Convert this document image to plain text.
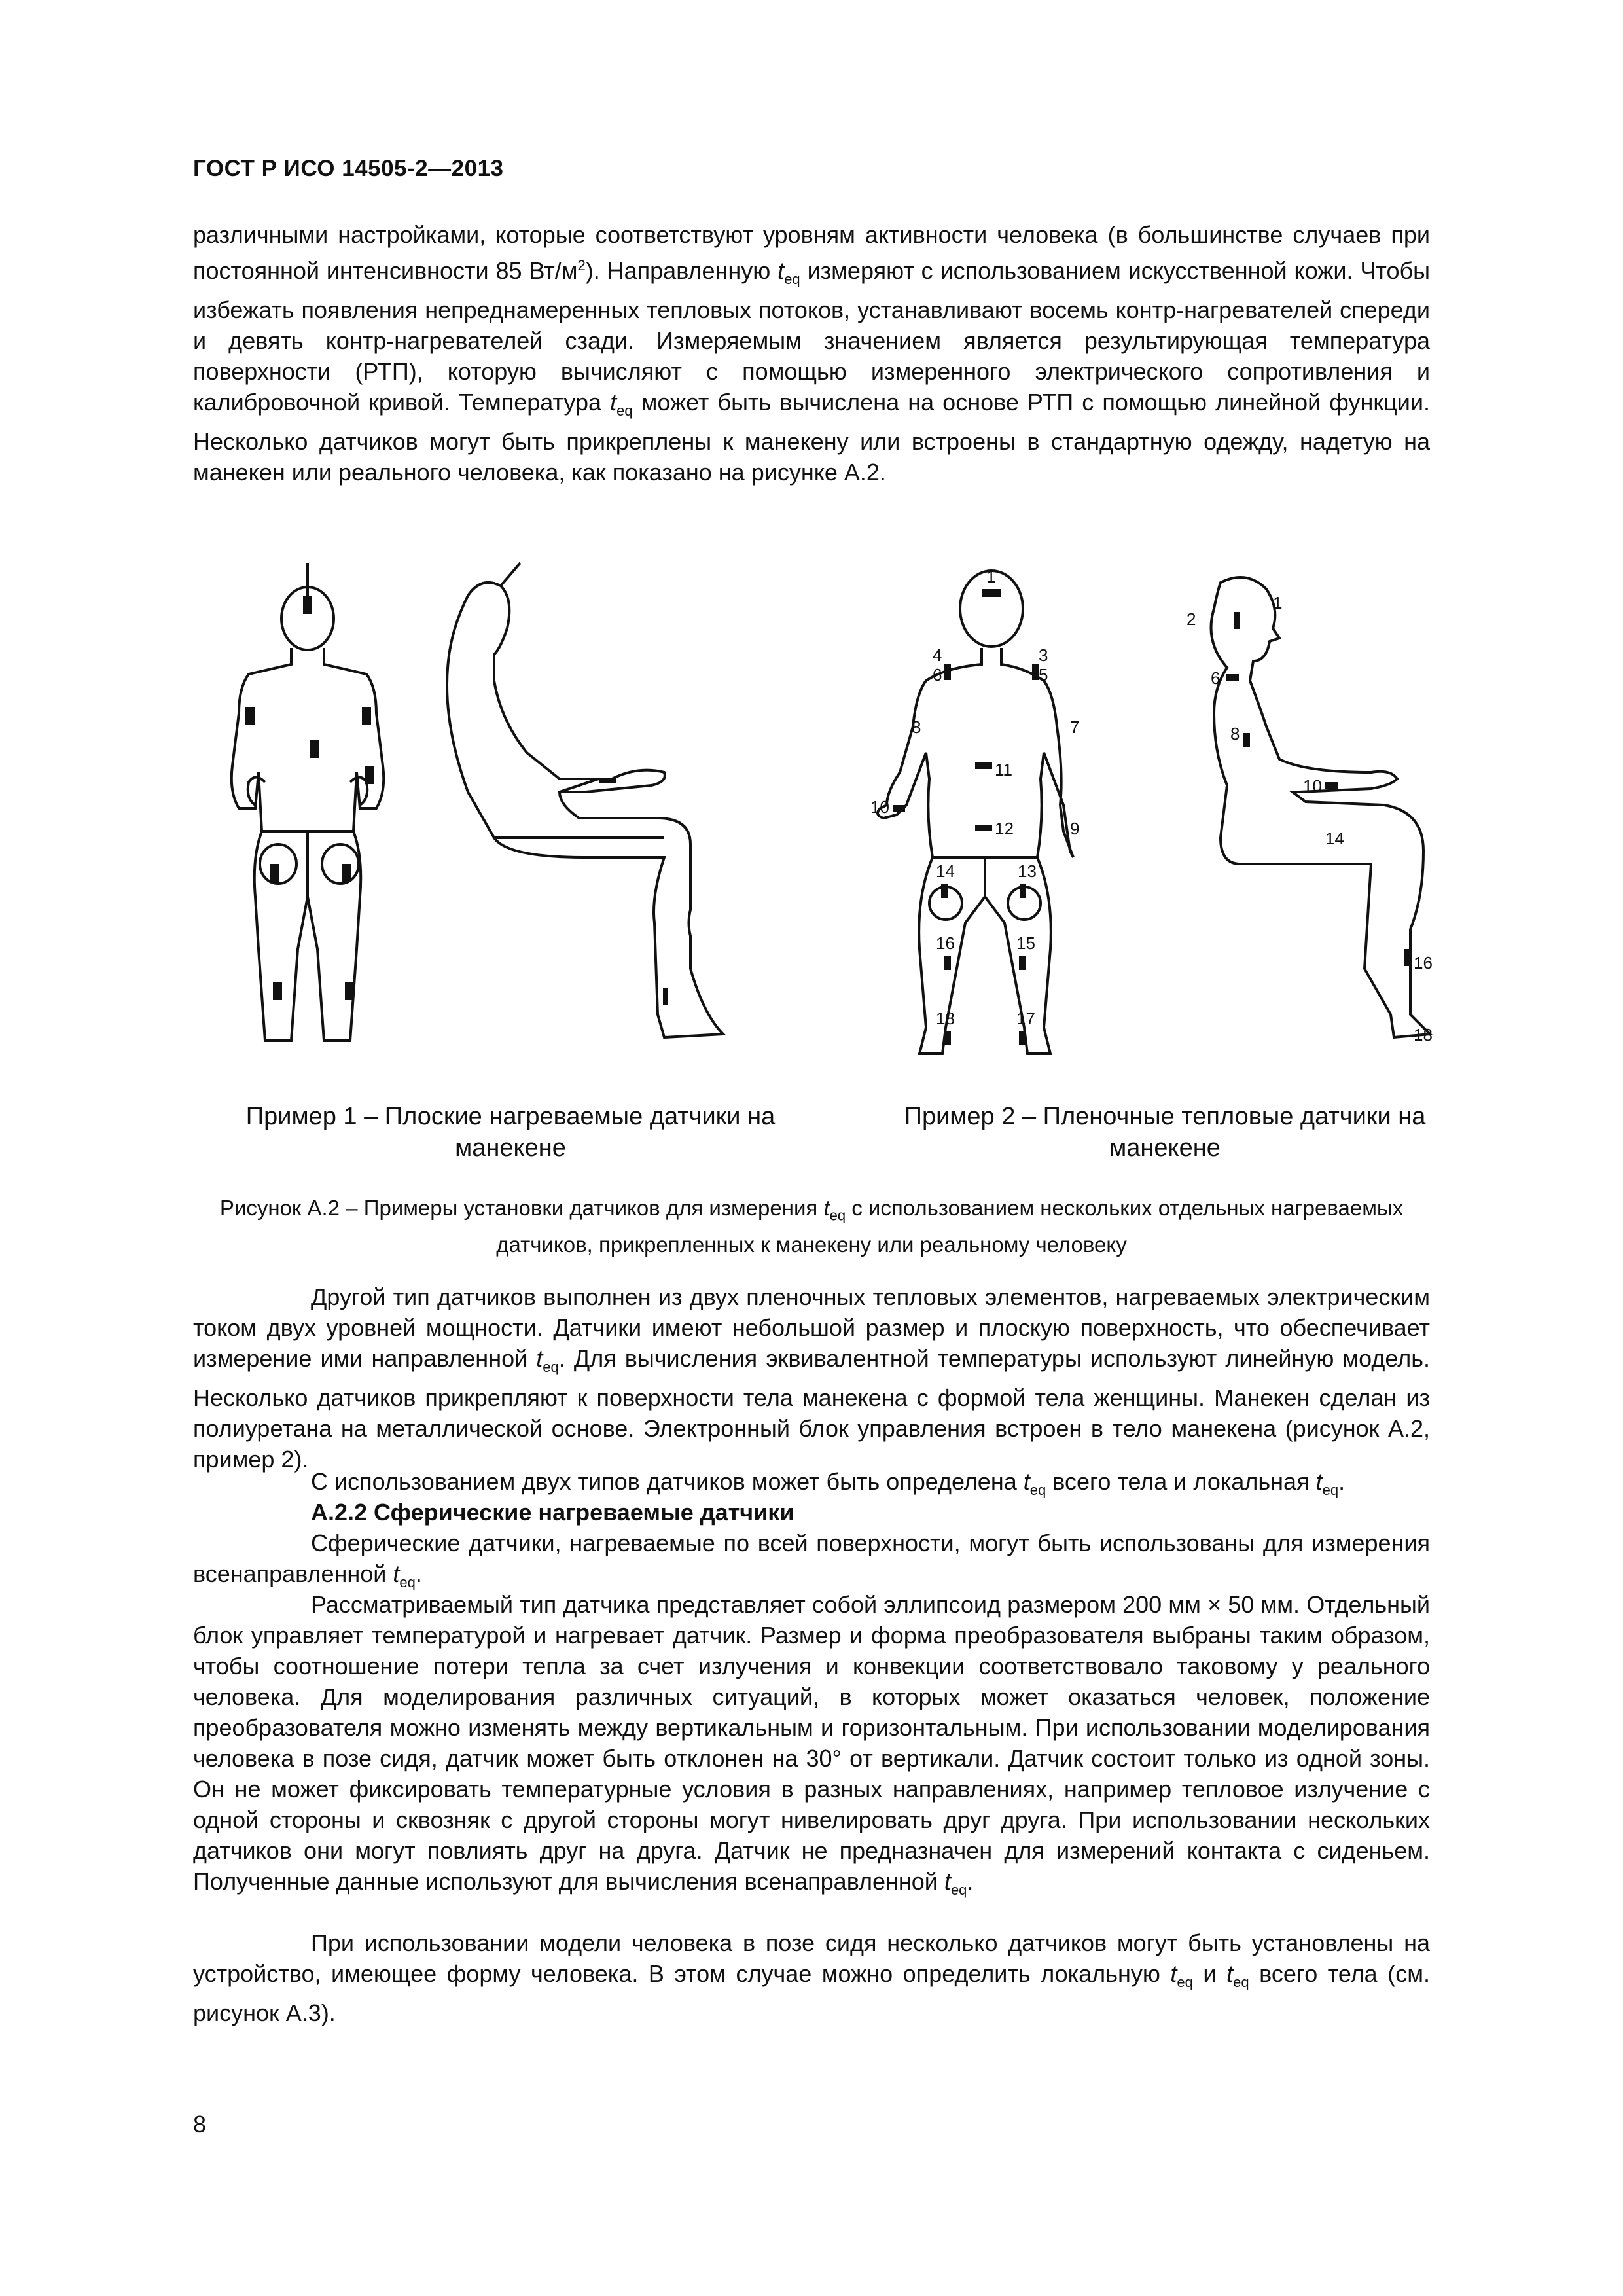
ГОСТ Р ИСО 14505-2—2013

различными настройками, которые соответствуют уровням активности человека (в большинстве случаев при постоянной интенсивности 85 $Вт/м^2$). Направленную $t_{eq}$ измеряют с использованием искусственной кожи. Чтобы избежать появления непреднамеренных тепловых потоков, устанавливают восемь контр-нагревателей спереди и девять контр-нагревателей сзади. Измеряемым значением является результирующая температура поверхности (РТП), которую вычисляют с помощью измеренного электрического сопротивления и калибровочной кривой. Температура $t_{eq}$ может быть вычислена на основе РТП с помощью линейной функции. Несколько датчиков могут быть прикреплены к манекену или встроены в стандартную одежду, надетую на манекен или реального человека, как показано на рисунке А.2.

1
4	3
6	5
8	7
11
10
12	9
14	13
16	15
18	17
2
1
6
8
10
14
16
18
Пример 1 – Плоские нагреваемые датчики на манекене
Пример 2 – Пленочные тепловые датчики на манекене
Рисунок А.2 – Примеры установки датчиков для измерения $t_{eq}$ с использованием нескольких отдельных нагреваемых датчиков, прикрепленных к манекену или реальному человеку

Другой тип датчиков выполнен из двух пленочных тепловых элементов, нагреваемых электрическим током двух уровней мощности. Датчики имеют небольшой размер и плоскую поверхность, что обеспечивает измерение ими направленной $t_{eq}$. Для вычисления эквивалентной температуры используют линейную модель. Несколько датчиков прикрепляют к поверхности тела манекена с формой тела женщины. Манекен сделан из полиуретана на металлической основе. Электронный блок управления встроен в тело манекена (рисунок А.2, пример 2).

С использованием двух типов датчиков может быть определена $t_{eq}$ всего тела и локальная $t_{eq}$.

А.2.2 Сферические нагреваемые датчики

Сферические датчики, нагреваемые по всей поверхности, могут быть использованы для измерения всенаправленной $t_{eq}$.

Рассматриваемый тип датчика представляет собой эллипсоид размером 200 мм × 50 мм. Отдельный блок управляет температурой и нагревает датчик. Размер и форма преобразователя выбраны таким образом, чтобы соотношение потери тепла за счет излучения и конвекции соответствовало таковому у реального человека. Для моделирования различных ситуаций, в которых может оказаться человек, положение преобразователя можно изменять между вертикальным и горизонтальным. При использовании моделирования человека в позе сидя, датчик может быть отклонен на 30° от вертикали. Датчик состоит только из одной зоны. Он не может фиксировать температурные условия в разных направлениях, например тепловое излучение с одной стороны и сквозняк с другой стороны могут нивелировать друг друга. При использовании нескольких датчиков они могут повлиять друг на друга. Датчик не предназначен для измерений контакта с сиденьем. Полученные данные используют для вычисления всенаправленной $t_{eq}$.

При использовании модели человека в позе сидя несколько датчиков могут быть установлены на устройство, имеющее форму человека. В этом случае можно определить локальную $t_{eq}$ и $t_{eq}$ всего тела (см. рисунок А.3).

8
